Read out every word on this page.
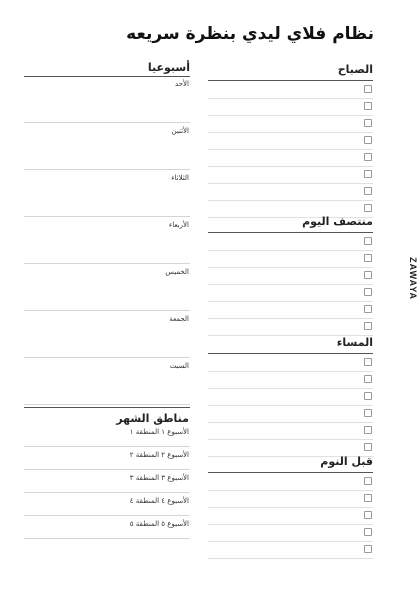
نظام فلاي ليدي بنظرة سريعه
ZAWAYA
الصباح
منتصف اليوم
المساء
قبل النوم
أسبوعيا
مناطق الشهر
الأحد
الأثنين
الثلاثاء
الأربعاء
الخميس
الجمعة
السبت
الأسبوع ١ المنطقة ١
الأسبوع ٢ المنطقة ٢
الأسبوع ٣ المنطقة ٣
الأسبوع ٤ المنطقة ٤
الأسبوع ٥ المنطقة ٥
